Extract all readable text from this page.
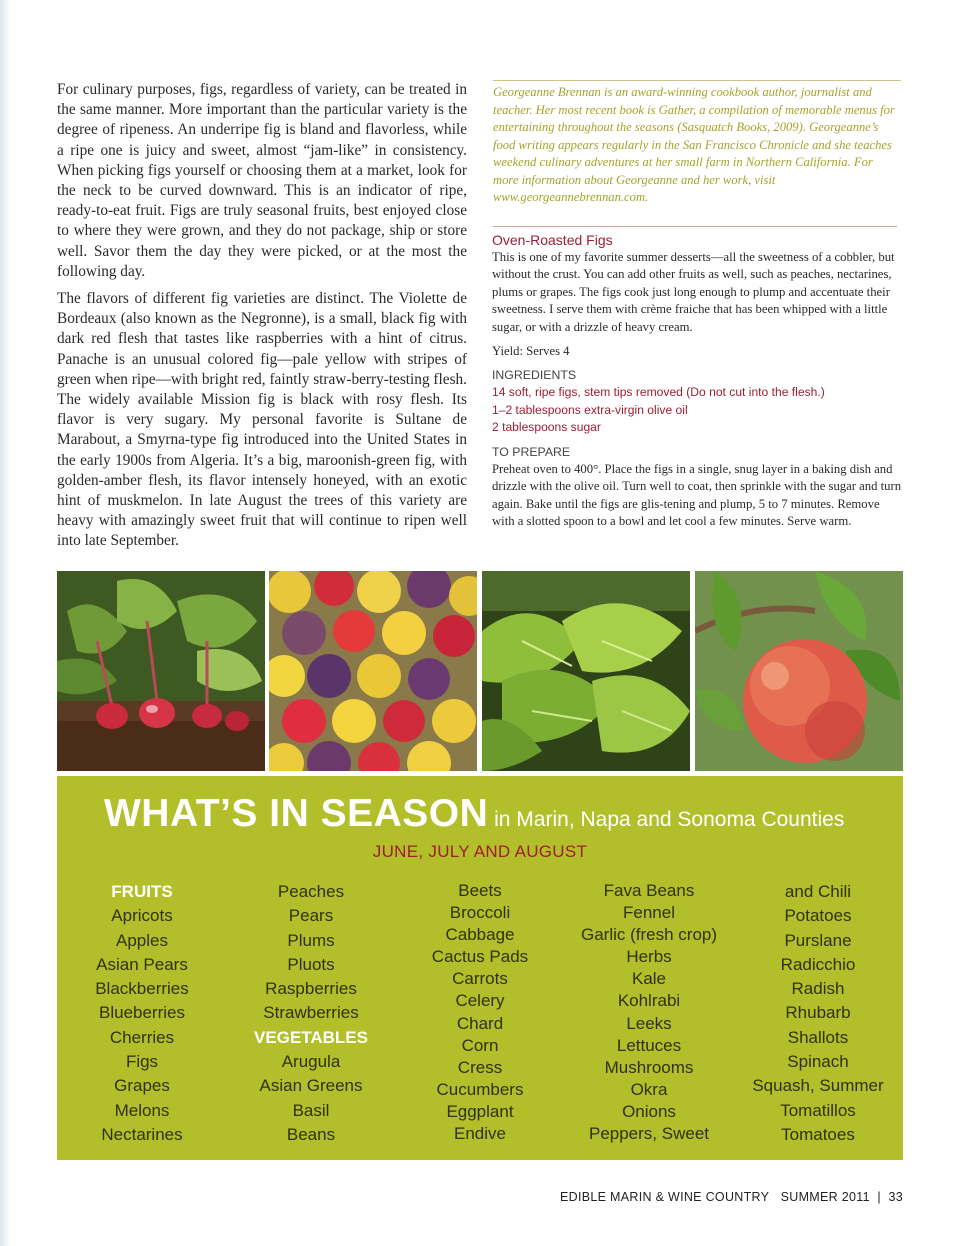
For culinary purposes, figs, regardless of variety, can be treated in the same manner. More important than the particular variety is the degree of ripeness. An underripe fig is bland and flavorless, while a ripe one is juicy and sweet, almost “jam-like” in consistency. When picking figs yourself or choosing them at a market, look for the neck to be curved downward. This is an indicator of ripe, ready-to-eat fruit. Figs are truly seasonal fruits, best enjoyed close to where they were grown, and they do not package, ship or store well. Savor them the day they were picked, or at the most the following day.

The flavors of different fig varieties are distinct. The Violette de Bordeaux (also known as the Negronne), is a small, black fig with dark red flesh that tastes like raspberries with a hint of citrus. Panache is an unusual colored fig—pale yellow with stripes of green when ripe—with bright red, faintly straw-berry-testing flesh. The widely available Mission fig is black with rosy flesh. Its flavor is very sugary. My personal favorite is Sultane de Marabout, a Smyrna-type fig introduced into the United States in the early 1900s from Algeria. It’s a big, maroonish-green fig, with golden-amber flesh, its flavor intensely honeyed, with an exotic hint of muskmelon. In late August the trees of this variety are heavy with amazingly sweet fruit that will continue to ripen well into late September.

Georgeanne Brennan is an award-winning cookbook author, journalist and teacher. Her most recent book is Gather, a compilation of memorable menus for entertaining throughout the seasons (Sasquatch Books, 2009). Georgeanne’s food writing appears regularly in the San Francisco Chronicle and she teaches weekend culinary adventures at her small farm in Northern California. For more information about Georgeanne and her work, visit www.georgeannebrennan.com.

Oven-Roasted Figs

This is one of my favorite summer desserts—all the sweetness of a cobbler, but without the crust. You can add other fruits as well, such as peaches, nectarines, plums or grapes. The figs cook just long enough to plump and accentuate their sweetness. I serve them with crème fraiche that has been whipped with a little sugar, or with a drizzle of heavy cream.

Yield: Serves 4

INGREDIENTS
14 soft, ripe figs, stem tips removed (Do not cut into the flesh.)
1–2 tablespoons extra-virgin olive oil
2 tablespoons sugar
TO PREPARE

Preheat oven to 400°. Place the figs in a single, snug layer in a baking dish and drizzle with the olive oil. Turn well to coat, then sprinkle with the sugar and turn again. Bake until the figs are glis-tening and plump, 5 to 7 minutes. Remove with a slotted spoon to a bowl and let cool a few minutes. Serve warm.

WHAT’S IN SEASON in Marin, Napa and Sonoma Counties
JUNE, JULY AND AUGUST
FRUITS
Apricots
Apples
Asian Pears
Blackberries
Blueberries
Cherries
Figs
Grapes
Melons
Nectarines
Peaches
Pears
Plums
Pluots
Raspberries
Strawberries
VEGETABLES
Arugula
Asian Greens
Basil
Beans
Beets
Broccoli
Cabbage
Cactus Pads
Carrots
Celery
Chard
Corn
Cress
Cucumbers
Eggplant
Endive
Fava Beans
Fennel
Garlic (fresh crop)
Herbs
Kale
Kohlrabi
Leeks
Lettuces
Mushrooms
Okra
Onions
Peppers, Sweet
and Chili
Potatoes
Purslane
Radicchio
Radish
Rhubarb
Shallots
Spinach
Squash, Summer
Tomatillos
Tomatoes
EDIBLE MARIN & WINE COUNTRY SUMMER 2011 | 33
